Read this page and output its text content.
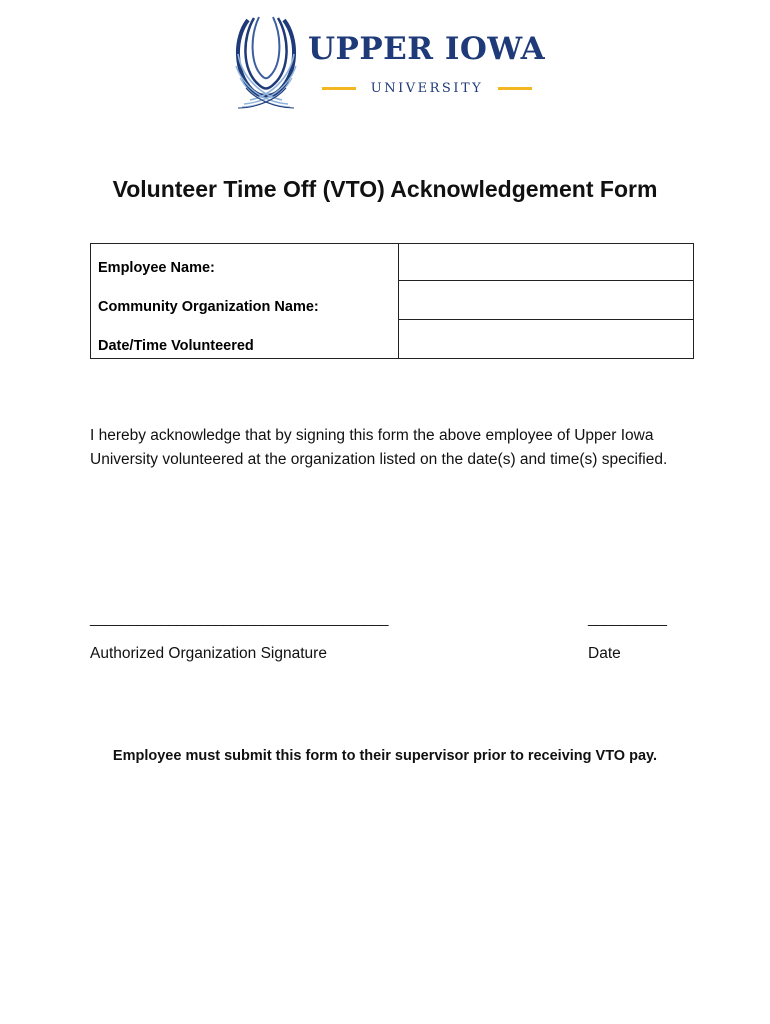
UPPER IOWA
UNIVERSITY
Volunteer Time Off (VTO) Acknowledgement Form
Employee Name:	
Community Organization Name:	
Date/Time Volunteered	
I hereby acknowledge that by signing this form the above employee of Upper Iowa University volunteered at the organization listed on the date(s) and time(s) specified.
______________________________________	__________
Authorized Organization Signature	Date
Employee must submit this form to their supervisor prior to receiving VTO pay.
